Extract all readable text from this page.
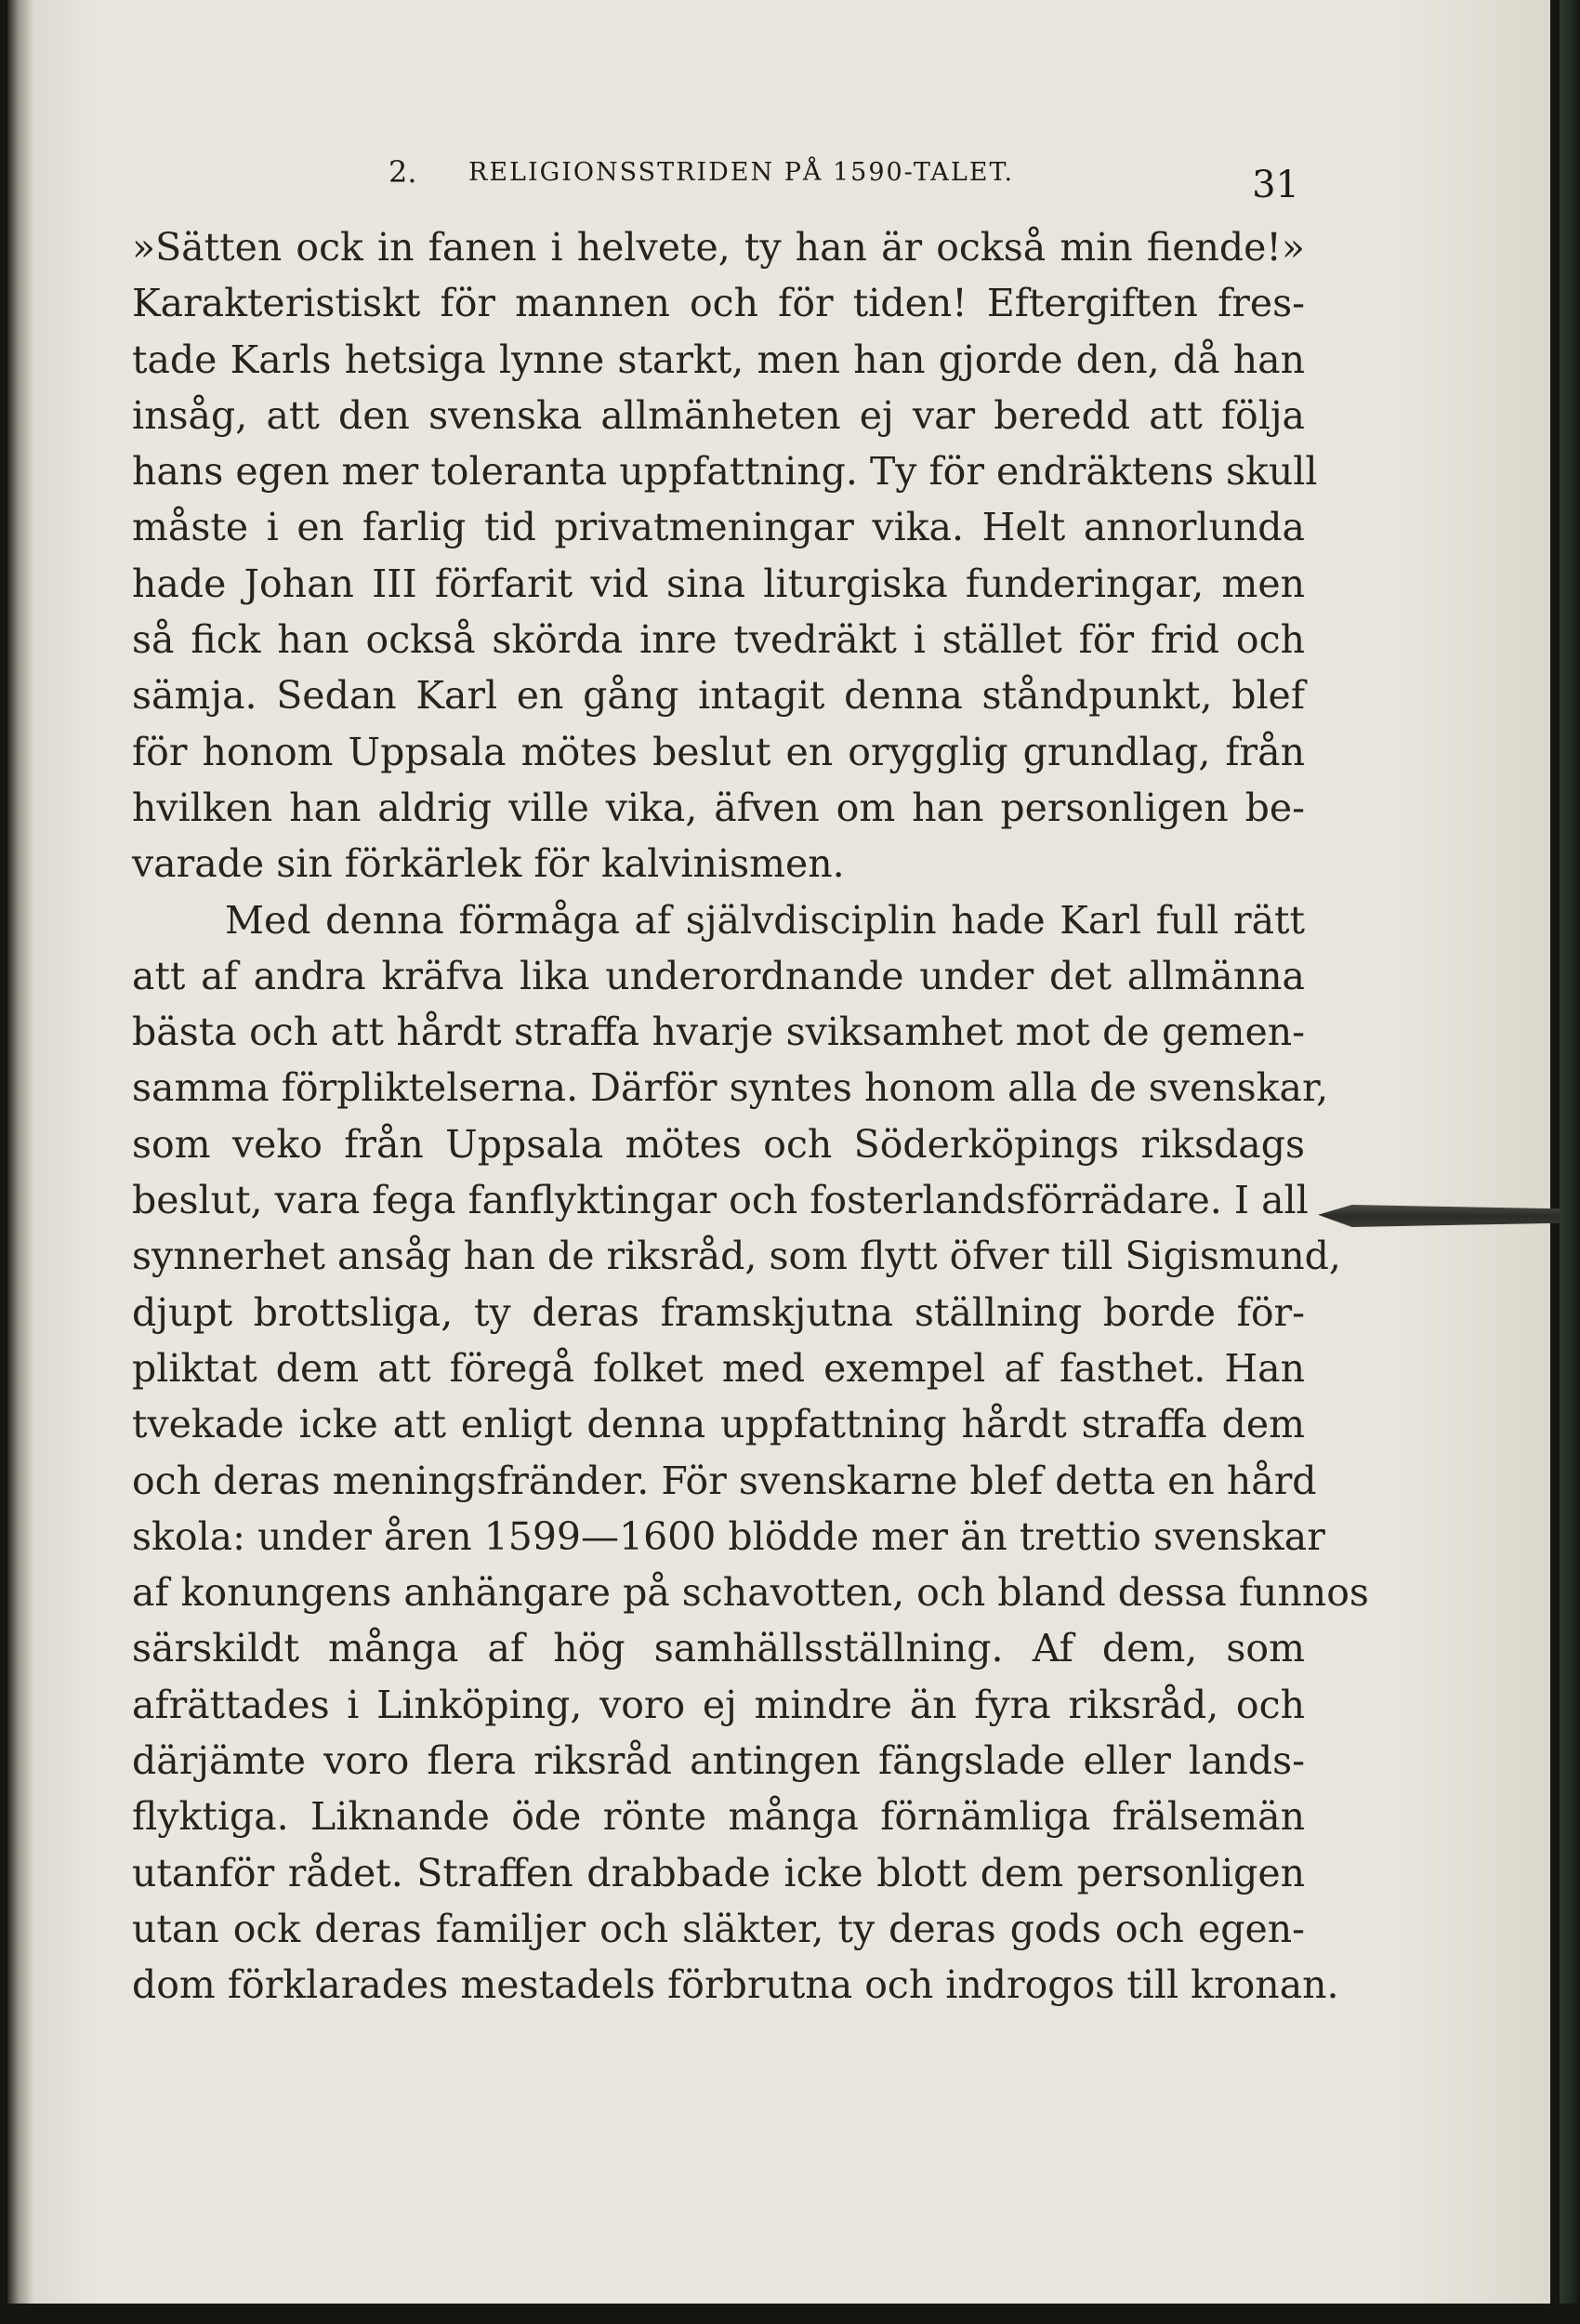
2. RELIGIONSSTRIDEN PÅ 1590-TALET.	31
»Sätten ock in fanen i helvete, ty han är också min fiende!»
Karakteristiskt för mannen och för tiden! Eftergiften fres-
tade Karls hetsiga lynne starkt, men han gjorde den, då han
insåg, att den svenska allmänheten ej var beredd att följa
hans egen mer toleranta uppfattning. Ty för endräktens skull
måste i en farlig tid privatmeningar vika. Helt annorlunda
hade Johan III förfarit vid sina liturgiska funderingar, men
så fick han också skörda inre tvedräkt i stället för frid och
sämja. Sedan Karl en gång intagit denna ståndpunkt, blef
för honom Uppsala mötes beslut en orygglig grundlag, från
hvilken han aldrig ville vika, äfven om han personligen be-
varade sin förkärlek för kalvinismen.
Med denna förmåga af självdisciplin hade Karl full rätt
att af andra kräfva lika underordnande under det allmänna
bästa och att hårdt straffa hvarje sviksamhet mot de gemen-
samma förpliktelserna. Därför syntes honom alla de svenskar,
som veko från Uppsala mötes och Söderköpings riksdags
beslut, vara fega fanflyktingar och fosterlandsförrädare. I all
synnerhet ansåg han de riksråd, som flytt öfver till Sigismund,
djupt brottsliga, ty deras framskjutna ställning borde för-
pliktat dem att föregå folket med exempel af fasthet. Han
tvekade icke att enligt denna uppfattning hårdt straffa dem
och deras meningsfränder. För svenskarne blef detta en hård
skola: under åren 1599—1600 blödde mer än trettio svenskar
af konungens anhängare på schavotten, och bland dessa funnos
särskildt många af hög samhällsställning. Af dem, som
afrättades i Linköping, voro ej mindre än fyra riksråd, och
därjämte voro flera riksråd antingen fängslade eller lands-
flyktiga. Liknande öde rönte många förnämliga frälsemän
utanför rådet. Straffen drabbade icke blott dem personligen
utan ock deras familjer och släkter, ty deras gods och egen-
dom förklarades mestadels förbrutna och indrogos till kronan.
